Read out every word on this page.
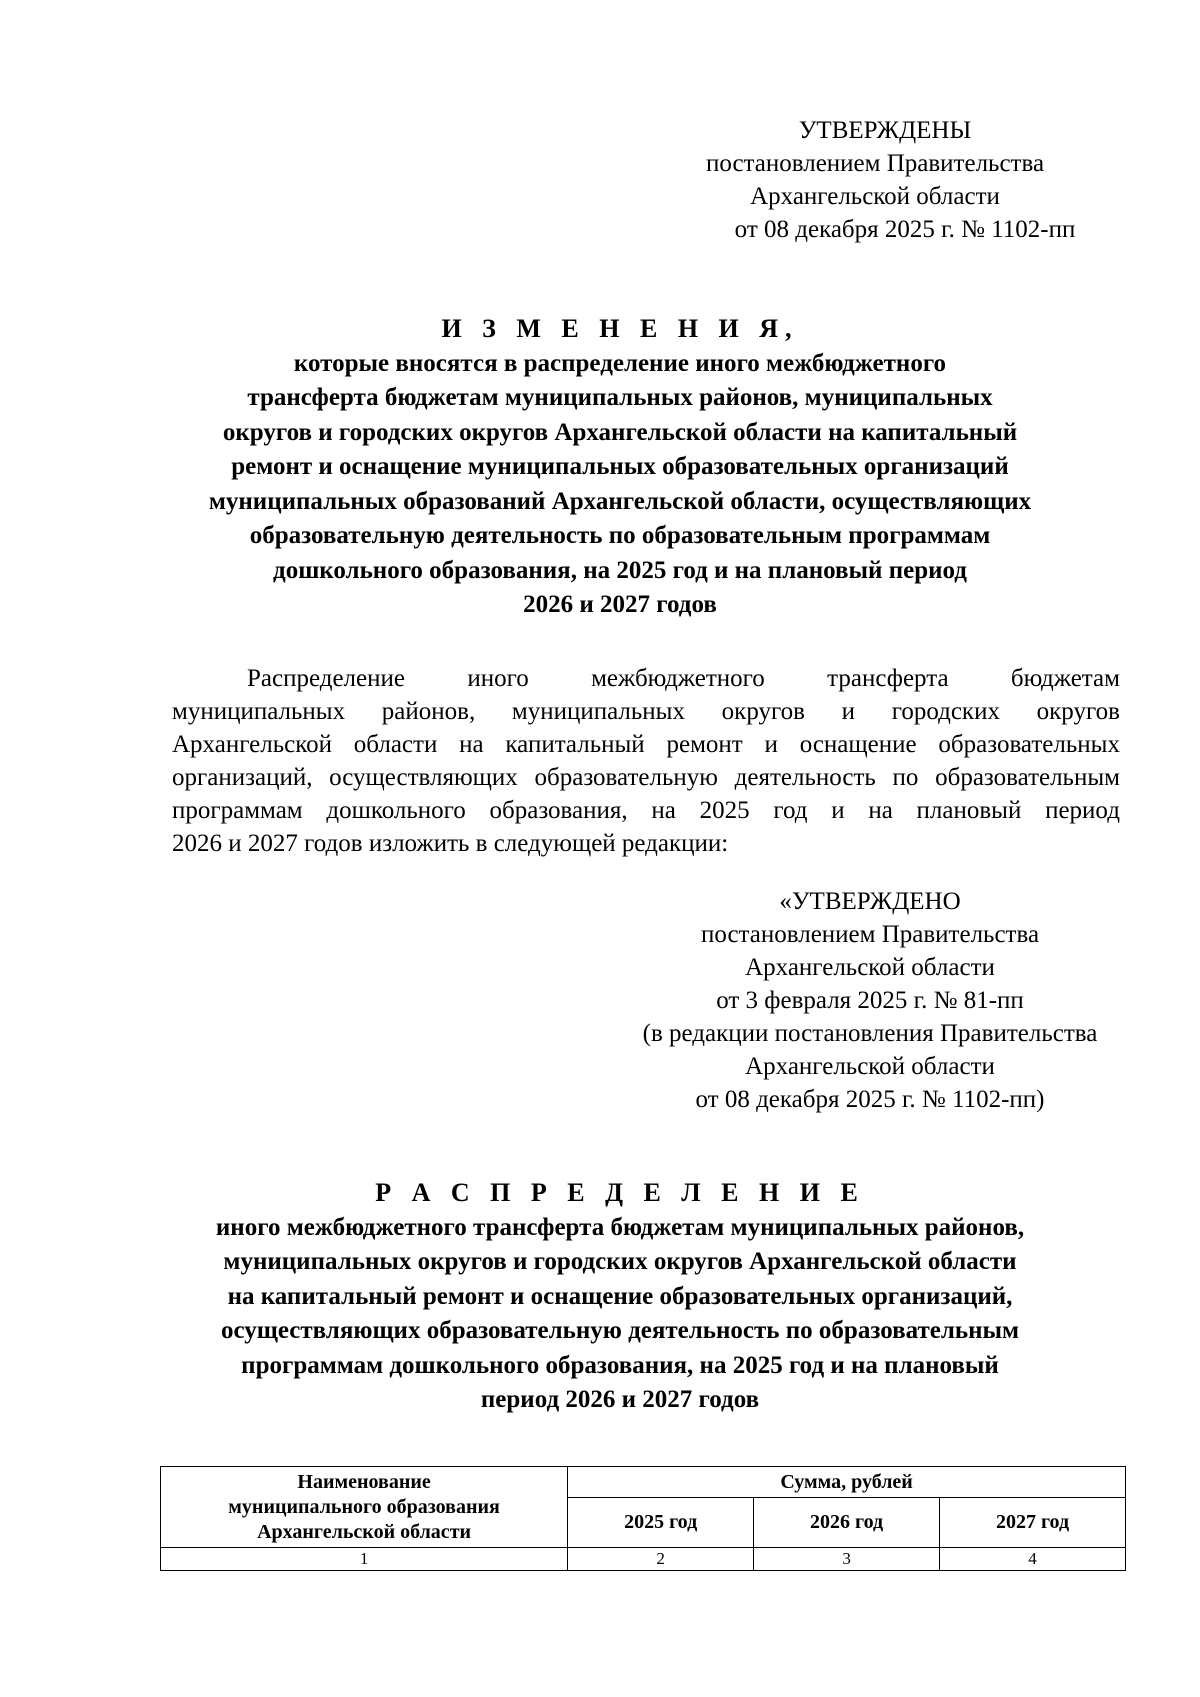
УТВЕРЖДЕНЫ
постановлением Правительства
Архангельской области
от 08 декабря 2025 г. № 1102-пп
И З М Е Н Е Н И Я,
которые вносятся в распределение иного межбюджетного
трансферта бюджетам муниципальных районов, муниципальных
округов и городских округов Архангельской области на капитальный
ремонт и оснащение муниципальных образовательных организаций
муниципальных образований Архангельской области, осуществляющих
образовательную деятельность по образовательным программам
дошкольного образования, на 2025 год и на плановый период
2026 и 2027 годов
Распределение иного межбюджетного трансферта бюджетам
муниципальных районов, муниципальных округов и городских округов
Архангельской области на капитальный ремонт и оснащение образовательных
организаций, осуществляющих образовательную деятельность по образовательным
программам дошкольного образования, на 2025 год и на плановый период
2026 и 2027 годов изложить в следующей редакции:
«УТВЕРЖДЕНО
постановлением Правительства
Архангельской области
от 3 февраля 2025 г. № 81-пп
(в редакции постановления Правительства
Архангельской области
от 08 декабря 2025 г. № 1102-пп)
Р А С П Р Е Д Е Л Е Н И Е
иного межбюджетного трансферта бюджетам муниципальных районов,
муниципальных округов и городских округов Архангельской области
на капитальный ремонт и оснащение образовательных организаций,
осуществляющих образовательную деятельность по образовательным
программам дошкольного образования, на 2025 год и на плановый
период 2026 и 2027 годов
Наименование
муниципального образования
Архангельской области	Сумма, рублей		
	2025 год	2026 год	2027 год
1	2	3	4
